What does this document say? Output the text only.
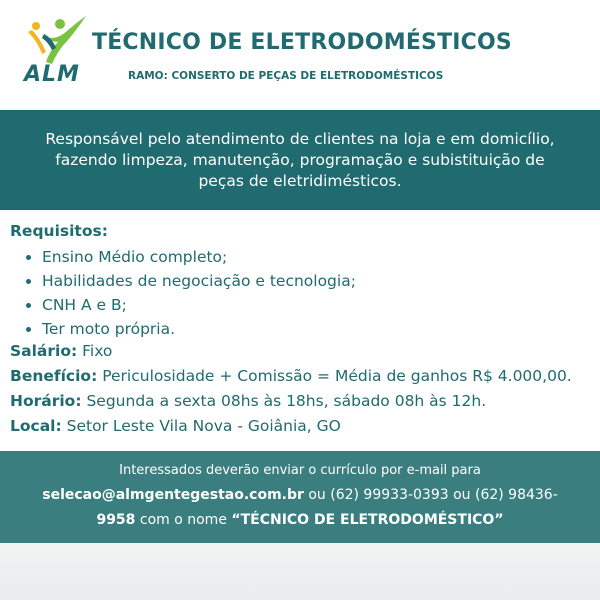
ALM
TÉCNICO DE ELETRODOMÉSTICOS
RAMO: CONSERTO DE PEÇAS DE ELETRODOMÉSTICOS

Responsável pelo atendimento de clientes na loja e em domicílio,
fazendo limpeza, manutenção, programação e subistituição de
peças de eletridimésticos.

Requisitos:
• Ensino Médio completo;
• Habilidades de negociação e tecnologia;
• CNH A e B;
• Ter moto própria.
Salário: Fixo
Benefício: Periculosidade + Comissão = Média de ganhos R$ 4.000,00.
Horário: Segunda a sexta 08hs às 18hs, sábado 08h às 12h.
Local: Setor Leste Vila Nova - Goiânia, GO
Interessados deverão enviar o currículo por e-mail para
selecao@almgentegestao.com.br ou (62) 99933-0393 ou (62) 98436-
9958 com o nome “TÉCNICO DE ELETRODOMÉSTICO”
